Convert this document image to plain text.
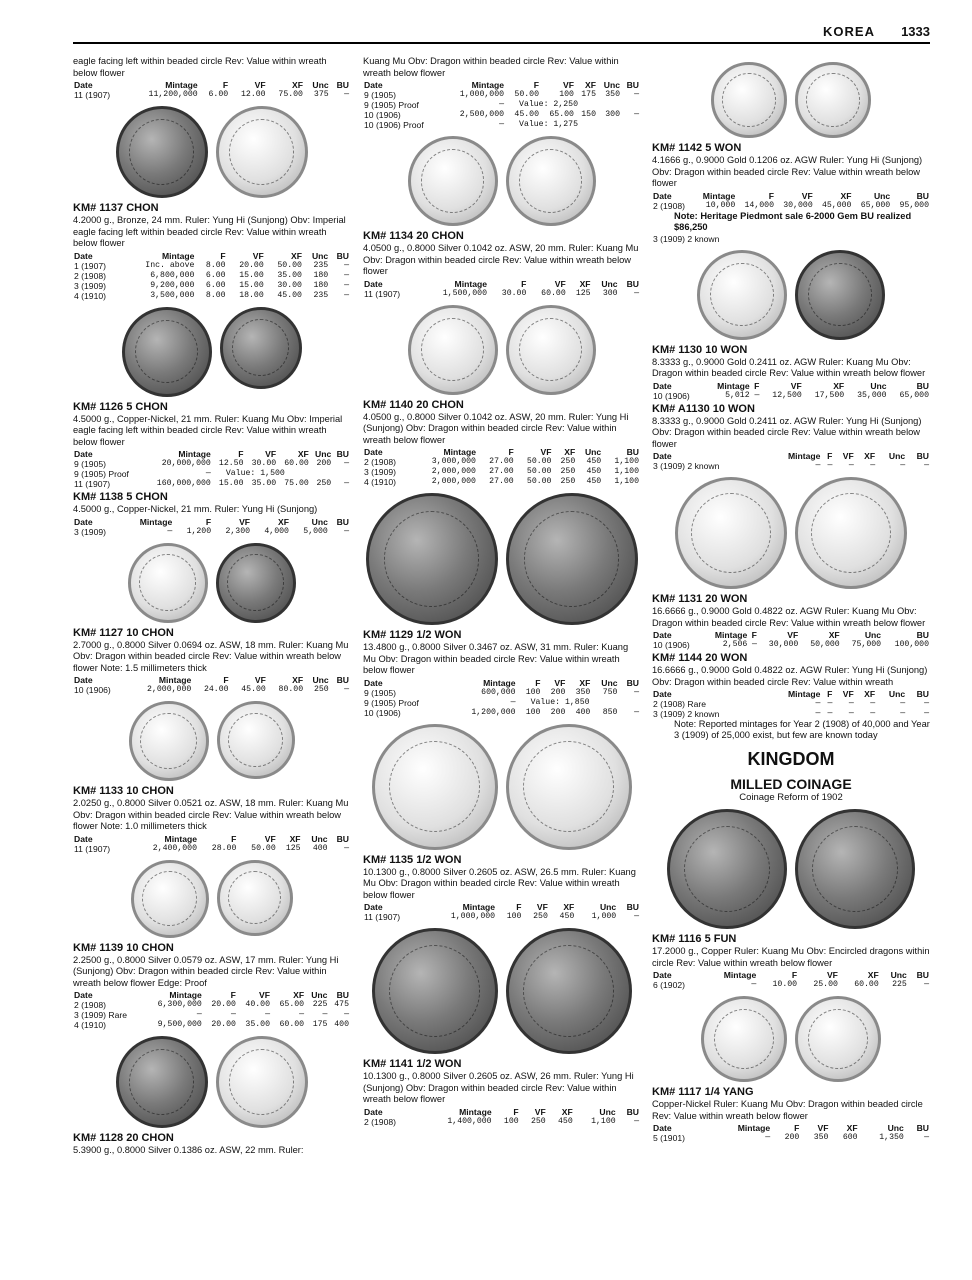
KOREA 1333
eagle facing left within beaded circle Rev: Value within wreath below flower
Date	Mintage	F	VF	XF	Unc	BU
11 (1907)	11,200,000	6.00	12.00	75.00	375	—
KM# 1137 CHON
4.2000 g., Bronze, 24 mm. Ruler: Yung Hi (Sunjong) Obv: Imperial eagle facing left within beaded circle Rev: Value within wreath below flower
Date	Mintage	F	VF	XF	Unc	BU
1 (1907)	Inc. above	8.00	20.00	50.00	235	—
2 (1908)	6,800,000	6.00	15.00	35.00	180	—
3 (1909)	9,200,000	6.00	15.00	30.00	180	—
4 (1910)	3,500,000	8.00	18.00	45.00	235	—
KM# 1126 5 CHON
4.5000 g., Copper-Nickel, 21 mm. Ruler: Kuang Mu Obv: Imperial eagle facing left within beaded circle Rev: Value within wreath below flower
Date	Mintage	F	VF	XF	Unc	BU
9 (1905)	20,000,000	12.50	30.00	60.00	200	—
9 (1905) Proof	—	Value: 1,500				
11 (1907)	160,000,000	15.00	35.00	75.00	250	—
KM# 1138 5 CHON
4.5000 g., Copper-Nickel, 21 mm. Ruler: Yung Hi (Sunjong)
Date	Mintage	F	VF	XF	Unc	BU
3 (1909)	—	1,200	2,300	4,000	5,000	—
KM# 1127 10 CHON
2.7000 g., 0.8000 Silver 0.0694 oz. ASW, 18 mm. Ruler: Kuang Mu Obv: Dragon within beaded circle Rev: Value within wreath below flower Note: 1.5 millimeters thick
Date	Mintage	F	VF	XF	Unc	BU
10 (1906)	2,000,000	24.00	45.00	80.00	250	—
KM# 1133 10 CHON
2.0250 g., 0.8000 Silver 0.0521 oz. ASW, 18 mm. Ruler: Kuang Mu Obv: Dragon within beaded circle Rev: Value within wreath below flower Note: 1.0 millimeters thick
Date	Mintage	F	VF	XF	Unc	BU
11 (1907)	2,400,000	28.00	50.00	125	400	—
KM# 1139 10 CHON
2.2500 g., 0.8000 Silver 0.0579 oz. ASW, 17 mm. Ruler: Yung Hi (Sunjong) Obv: Dragon within beaded circle Rev: Value within wreath below flower Edge: Proof
Date	Mintage	F	VF	XF	Unc	BU
2 (1908)	6,300,000	20.00	40.00	65.00	225	475
3 (1909) Rare	—	—	—	—	—	—
4 (1910)	9,500,000	20.00	35.00	60.00	175	400
KM# 1128 20 CHON
5.3900 g., 0.8000 Silver 0.1386 oz. ASW, 22 mm. Ruler:
Kuang Mu Obv: Dragon within beaded circle Rev: Value within wreath below flower
Date	Mintage	F	VF	XF	Unc	BU
9 (1905)	1,000,000	50.00	100	175	350	—
9 (1905) Proof	—	Value: 2,250				
10 (1906)	2,500,000	45.00	65.00	150	300	—
10 (1906) Proof	—	Value: 1,275				
KM# 1134 20 CHON
4.0500 g., 0.8000 Silver 0.1042 oz. ASW, 20 mm. Ruler: Kuang Mu Obv: Dragon within beaded circle Rev: Value within wreath below flower
Date	Mintage	F	VF	XF	Unc	BU
11 (1907)	1,500,000	30.00	60.00	125	300	—
KM# 1140 20 CHON
4.0500 g., 0.8000 Silver 0.1042 oz. ASW, 20 mm. Ruler: Yung Hi (Sunjong) Obv: Dragon within beaded circle Rev: Value within wreath below flower
Date	Mintage	F	VF	XF	Unc	BU
2 (1908)	3,000,000	27.00	50.00	250	450	1,100
3 (1909)	2,000,000	27.00	50.00	250	450	1,100
4 (1910)	2,000,000	27.00	50.00	250	450	1,100
KM# 1129 1/2 WON
13.4800 g., 0.8000 Silver 0.3467 oz. ASW, 31 mm. Ruler: Kuang Mu Obv: Dragon within beaded circle Rev: Value within wreath below flower
Date	Mintage	F	VF	XF	Unc	BU
9 (1905)	600,000	100	200	350	750	—
9 (1905) Proof	—	Value: 1,850				
10 (1906)	1,200,000	100	200	400	850	—
KM# 1135 1/2 WON
10.1300 g., 0.8000 Silver 0.2605 oz. ASW, 26.5 mm. Ruler: Kuang Mu Obv: Dragon within beaded circle Rev: Value within wreath below flower
Date	Mintage	F	VF	XF	Unc	BU
11 (1907)	1,000,000	100	250	450	1,000	—
KM# 1141 1/2 WON
10.1300 g., 0.8000 Silver 0.2605 oz. ASW, 26 mm. Ruler: Yung Hi (Sunjong) Obv: Dragon within beaded circle Rev: Value within wreath below flower
Date	Mintage	F	VF	XF	Unc	BU
2 (1908)	1,400,000	100	250	450	1,100	—
KM# 1142 5 WON
4.1666 g., 0.9000 Gold 0.1206 oz. AGW Ruler: Yung Hi (Sunjong) Obv: Dragon within beaded circle Rev: Value within wreath below flower
Date	Mintage	F	VF	XF	Unc	BU
2 (1908)	10,000	14,000	30,000	45,000	65,000	95,000
Note: Heritage Piedmont sale 6-2000 Gem BU realized $86,250
3 (1909) 2 known						
KM# 1130 10 WON
8.3333 g., 0.9000 Gold 0.2411 oz. AGW Ruler: Kuang Mu Obv: Dragon within beaded circle Rev: Value within wreath below flower
Date	Mintage	F	VF	XF	Unc	BU
10 (1906)	5,012	—	12,500	17,500	35,000	65,000
KM# A1130 10 WON
8.3333 g., 0.9000 Gold 0.2411 oz. AGW Ruler: Yung Hi (Sunjong) Obv: Dragon within beaded circle Rev: Value within wreath below flower
Date	Mintage	F	VF	XF	Unc	BU
3 (1909) 2 known	—	—	—	—	—	—
KM# 1131 20 WON
16.6666 g., 0.9000 Gold 0.4822 oz. AGW Ruler: Kuang Mu Obv: Dragon within beaded circle Rev: Value within wreath below flower
Date	Mintage	F	VF	XF	Unc	BU
10 (1906)	2,506	—	30,000	50,000	75,000	100,000
KM# 1144 20 WON
16.6666 g., 0.9000 Gold 0.4822 oz. AGW Ruler: Yung Hi (Sunjong) Obv: Dragon within beaded circle Rev: Value within wreath
Date	Mintage	F	VF	XF	Unc	BU
2 (1908) Rare	—	—	—	—	—	—
3 (1909) 2 known	—	—	—	—	—	—
Note: Reported mintages for Year 2 (1908) of 40,000 and Year 3 (1909) of 25,000 exist, but few are known today
KINGDOM
MILLED COINAGE
Coinage Reform of 1902
KM# 1116 5 FUN
17.2000 g., Copper Ruler: Kuang Mu Obv: Encircled dragons within circle Rev: Value within wreath below flower
Date	Mintage	F	VF	XF	Unc	BU
6 (1902)	—	10.00	25.00	60.00	225	—
KM# 1117 1/4 YANG
Copper-Nickel Ruler: Kuang Mu Obv: Dragon within beaded circle Rev: Value within wreath below flower
Date	Mintage	F	VF	XF	Unc	BU
5 (1901)	—	200	350	600	1,350	—
